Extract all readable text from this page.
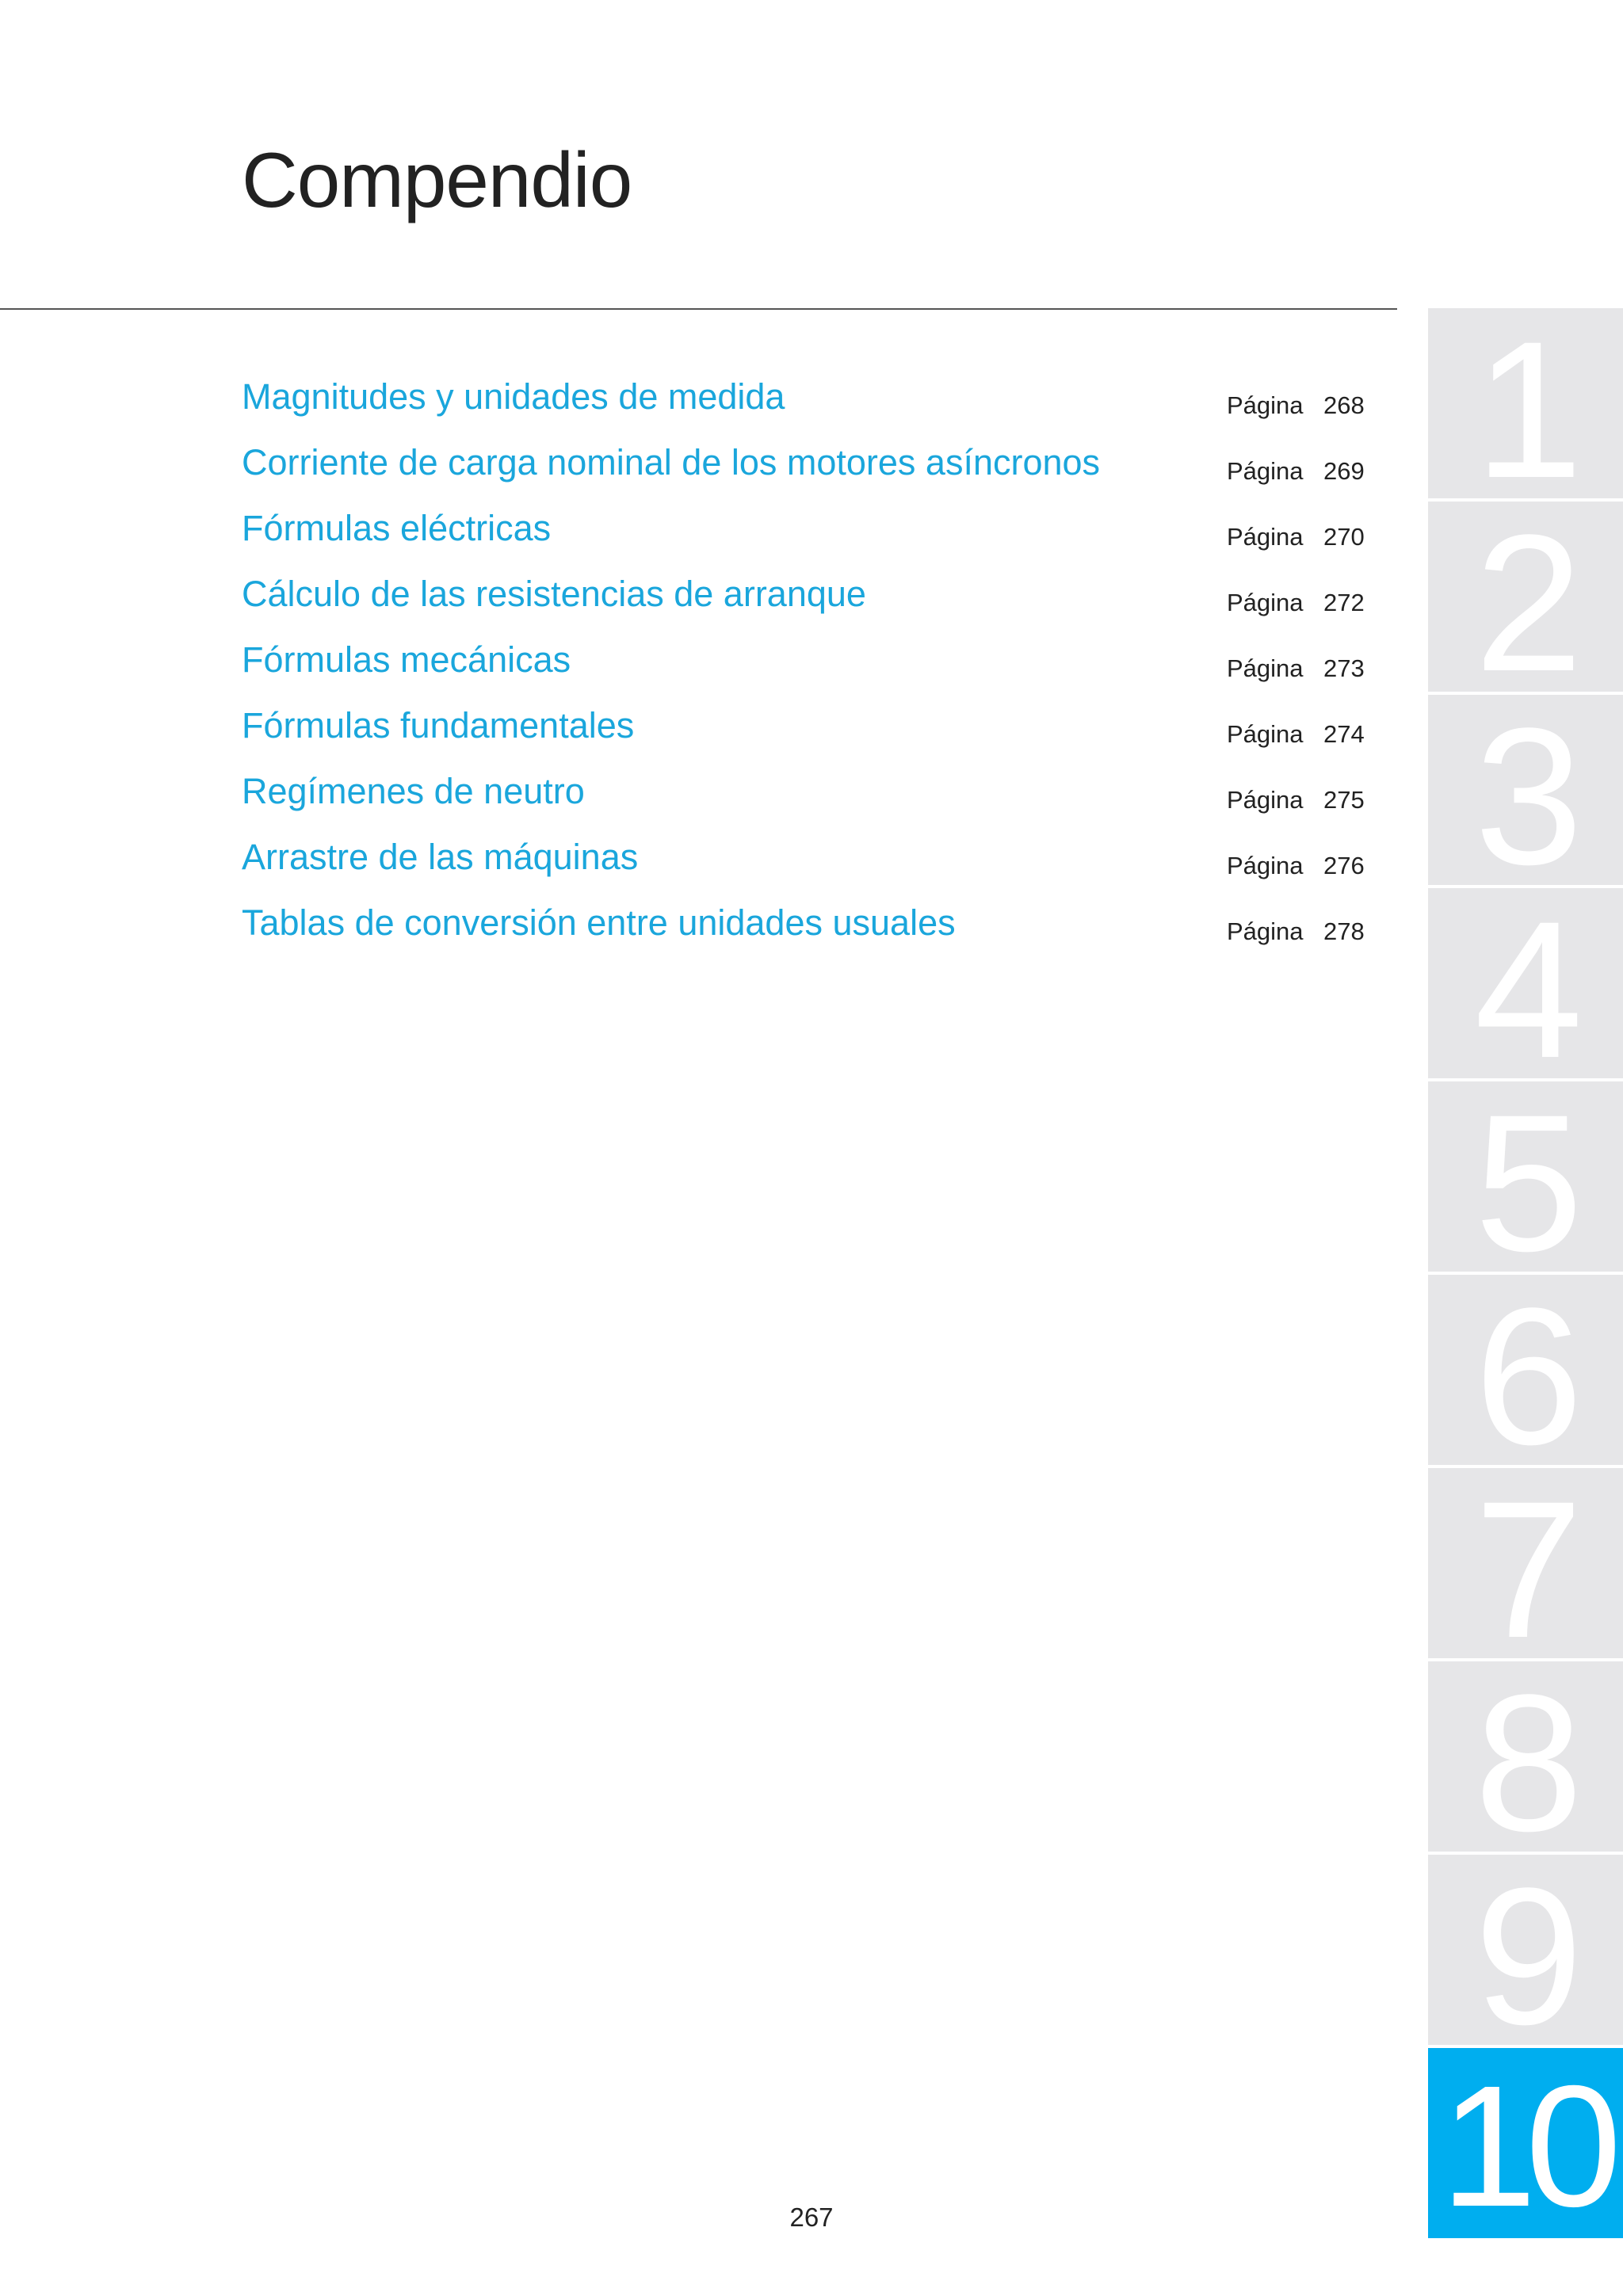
Compendio
Magnitudes y unidades de medida	Página 268
Corriente de carga nominal de los motores asíncronos	Página 269
Fórmulas eléctricas	Página 270
Cálculo de las resistencias de arranque	Página 272
Fórmulas mecánicas	Página 273
Fórmulas fundamentales	Página 274
Regímenes de neutro	Página 275
Arrastre de las máquinas	Página 276
Tablas de conversión entre unidades usuales	Página 278
1
2
3
4
5
6
7
8
9
10
267
